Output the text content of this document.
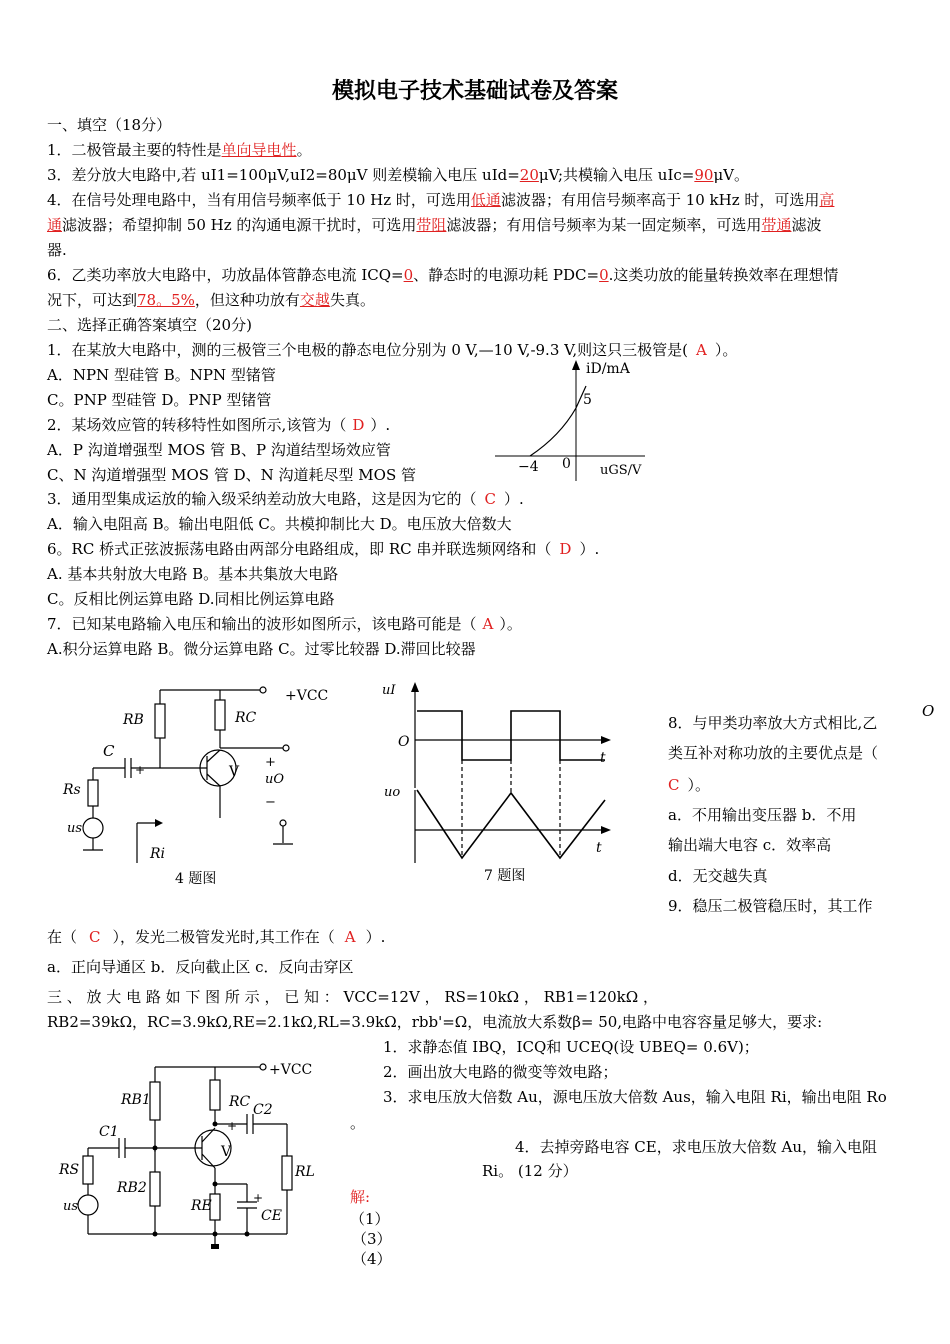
模拟电子技术基础试卷及答案
一、填空（18分）
1．二极管最主要的特性是单向导电性。
3．差分放大电路中,若 uI1=100μV,uI2=80μV 则差模输入电压 uId=20μV;共模输入电压 uIc=90μV。
4．在信号处理电路中，当有用信号频率低于 10 Hz 时，可选用低通滤波器；有用信号频率高于 10 kHz 时，可选用高
通滤波器；希望抑制 50 Hz 的沟通电源干扰时，可选用带阻滤波器；有用信号频率为某一固定频率，可选用带通滤波
器.
6．乙类功率放大电路中，功放晶体管静态电流 ICQ=0、静态时的电源功耗 PDC=0.这类功放的能量转换效率在理想情
况下，可达到78。5%，但这种功放有交越失真。
二、选择正确答案填空（20分)
1．在某放大电路中，测的三极管三个电极的静态电位分别为 0 V,—10 V,-9.3 V,则这只三极管是( A ）。
A．NPN 型硅管 B。NPN 型锗管
C。PNP 型硅管 D。PNP 型锗管
2．某场效应管的转移特性如图所示,该管为（ D ）.
A．P 沟道增强型 MOS 管 B、P 沟道结型场效应管
C、N 沟道增强型 MOS 管 D、N 沟道耗尽型 MOS 管
3．通用型集成运放的输入级采纳差动放大电路，这是因为它的（ C ）.
A．输入电阻高 B。输出电阻低 C。共模抑制比大 D。电压放大倍数大
6。RC 桥式正弦波振荡电路由两部分电路组成，即 RC 串并联选频网络和（ D ）.
A. 基本共射放大电路 B。基本共集放大电路
C。反相比例运算电路 D.同相比例运算电路
7．已知某电路输入电压和输出的波形如图所示，该电路可能是（ A ）。
A.积分运算电路 B。微分运算电路 C。过零比较器 D.滞回比较器
iD/mA
5
−4 0 uGS/V
+VCC
RB	RC
C
+	V
+
uO
−
Rs
us
Ri
4 题图
uI
O
t
uo
t
7 题图
O
8．与甲类功率放大方式相比,乙
类互补对称功放的主要优点是（
C ）。
a．不用输出变压器 b．不用
输出端大电容 c．效率高
d．无交越失真
9．稳压二极管稳压时，其工作
在（ C ），发光二极管发光时,其工作在（ A ）.
a．正向导通区 b．反向截止区 c．反向击穿区
三 、 放 大 电 路 如 下 图 所 示 ， 已 知 ： VCC=12V ， RS=10kΩ ， RB1=120kΩ ，
RB2=39kΩ，RC=3.9kΩ,RE=2.1kΩ,RL=3.9kΩ，rbb'=Ω，电流放大系数β= 50,电路中电容容量足够大，要求:
1．求静态值 IBQ，ICQ和 UCEQ(设 UBEQ= 0.6V)；
2．画出放大电路的微变等效电路；
3．求电压放大倍数 Au，源电压放大倍数 Aus，输入电阻 Ri，输出电阻 Ro
。
4．去掉旁路电容 CE，求电压放大倍数 Au，输入电阻
Ri。 (12 分）
解:
（1）
（3）
（4）
+VCC
RB1	RC C2
+
C1
V
RS
RB2
us	RE	+
CE
RL
